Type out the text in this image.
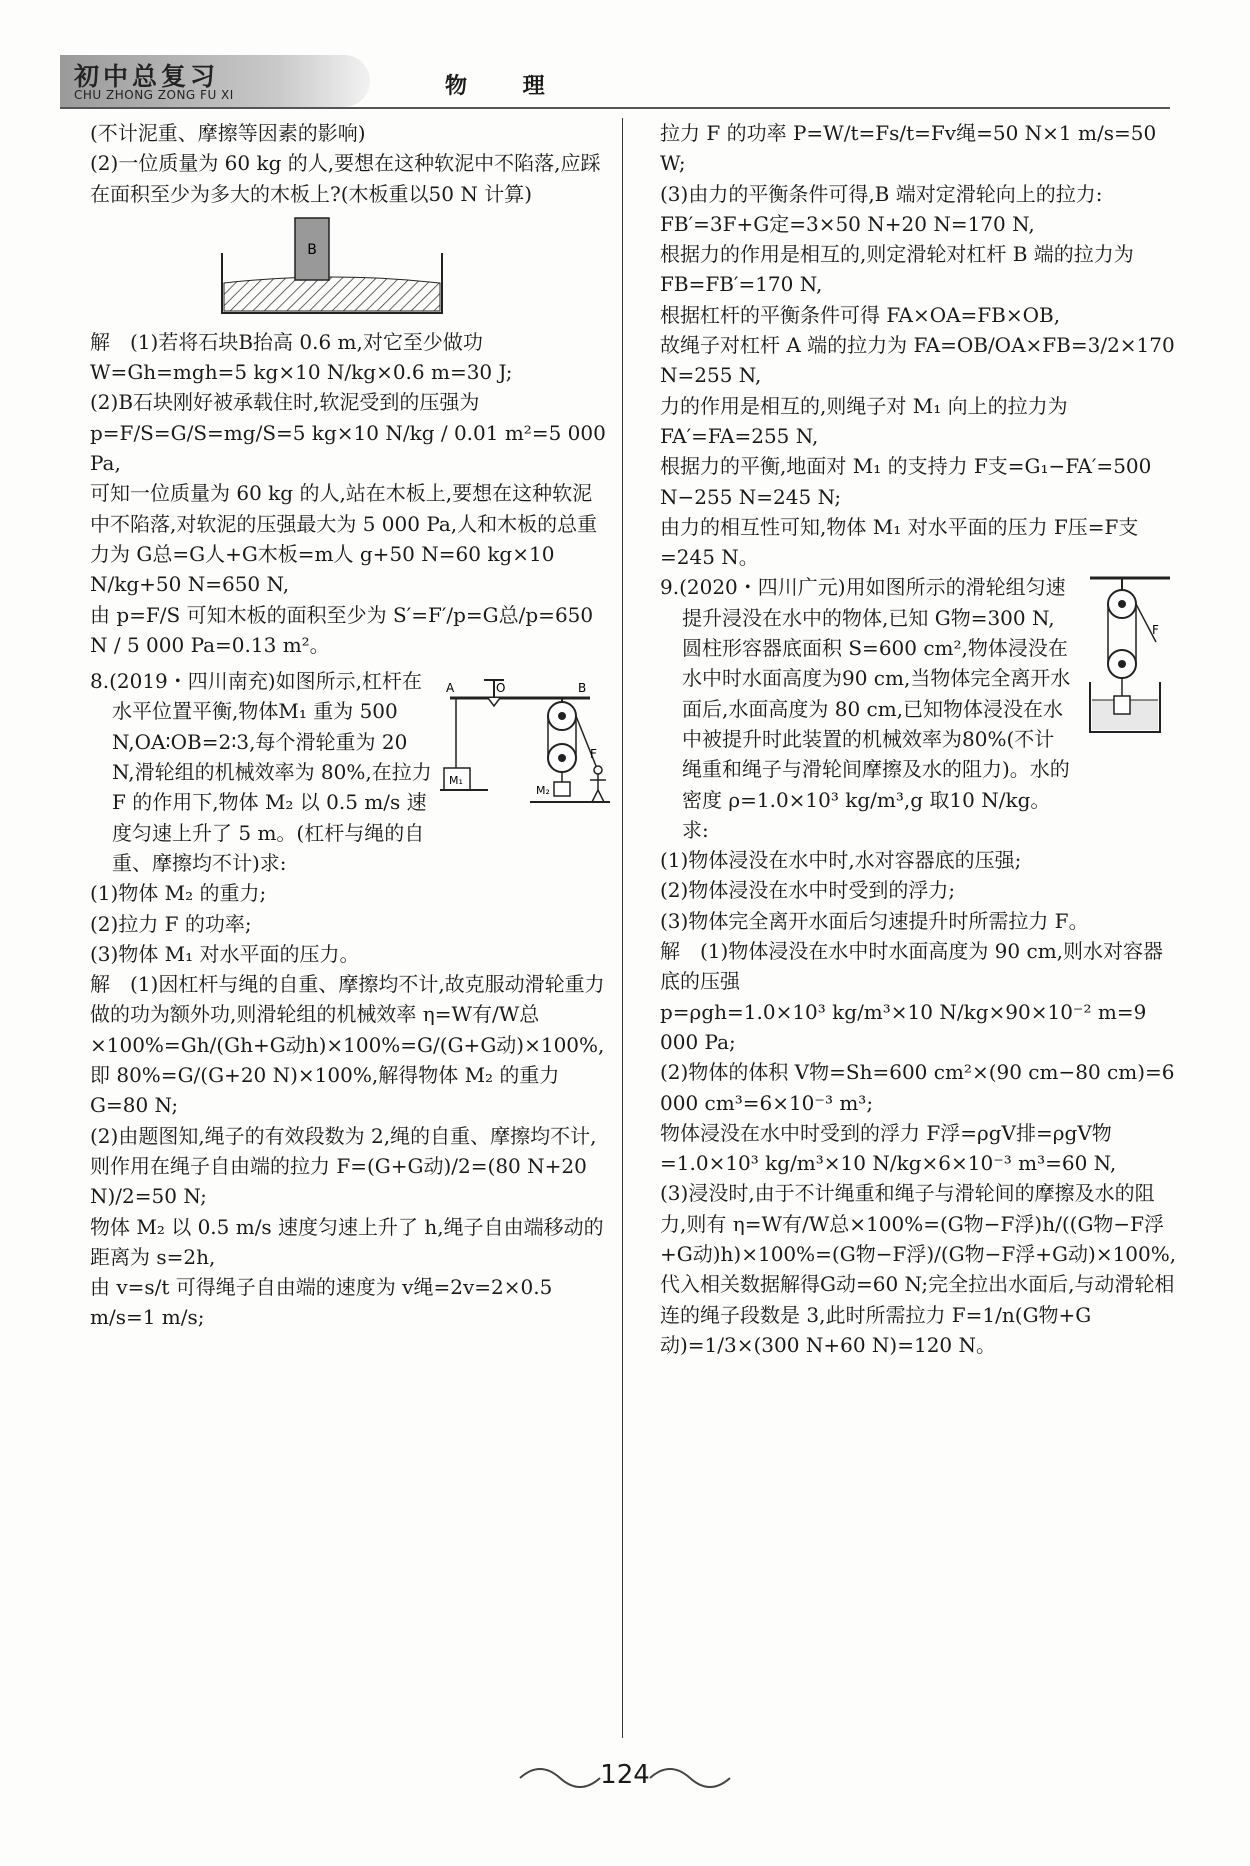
初中总复习
CHU ZHONG ZONG FU XI	物 理

(不计泥重、摩擦等因素的影响)

(2)一位质量为 60 kg 的人,要想在这种软泥中不陷落,应踩在面积至少为多大的木板上?(木板重以50 N 计算)

B

解　(1)若将石块B抬高 0.6 m,对它至少做功 W=Gh=mgh=5 kg×10 N/kg×0.6 m=30 J;

(2)B石块刚好被承载住时,软泥受到的压强为 p=F/S=G/S=mg/S=5 kg×10 N/kg / 0.01 m²=5 000 Pa,

可知一位质量为 60 kg 的人,站在木板上,要想在这种软泥中不陷落,对软泥的压强最大为 5 000 Pa,人和木板的总重力为 G总=G人+G木板=m人 g+50 N=60 kg×10 N/kg+50 N=650 N,

由 p=F/S 可知木板的面积至少为 S′=F′/p=G总/p=650 N / 5 000 Pa=0.13 m²。

8.(2019・四川南充)如图所示,杠杆在水平位置平衡,物体M₁ 重为 500 N,OA∶OB=2∶3,每个滑轮重为 20 N,滑轮组的机械效率为 80%,在拉力 F 的作用下,物体 M₂ 以 0.5 m/s 速度匀速上升了 5 m。(杠杆与绳的自重、摩擦均不计)求:

A	O	B
M₁
M₂
F

(1)物体 M₂ 的重力;

(2)拉力 F 的功率;

(3)物体 M₁ 对水平面的压力。

解　(1)因杠杆与绳的自重、摩擦均不计,故克服动滑轮重力做的功为额外功,则滑轮组的机械效率 η=W有/W总×100%=Gh/(Gh+G动h)×100%=G/(G+G动)×100%,

即 80%=G/(G+20 N)×100%,解得物体 M₂ 的重力 G=80 N;

(2)由题图知,绳子的有效段数为 2,绳的自重、摩擦均不计,则作用在绳子自由端的拉力 F=(G+G动)/2=(80 N+20 N)/2=50 N;

物体 M₂ 以 0.5 m/s 速度匀速上升了 h,绳子自由端移动的距离为 s=2h,

由 v=s/t 可得绳子自由端的速度为 v绳=2v=2×0.5 m/s=1 m/s;

拉力 F 的功率 P=W/t=Fs/t=Fv绳=50 N×1 m/s=50 W;

(3)由力的平衡条件可得,B 端对定滑轮向上的拉力:

FB′=3F+G定=3×50 N+20 N=170 N,

根据力的作用是相互的,则定滑轮对杠杆 B 端的拉力为 FB=FB′=170 N,

根据杠杆的平衡条件可得 FA×OA=FB×OB,

故绳子对杠杆 A 端的拉力为 FA=OB/OA×FB=3/2×170 N=255 N,

力的作用是相互的,则绳子对 M₁ 向上的拉力为 FA′=FA=255 N,

根据力的平衡,地面对 M₁ 的支持力 F支=G₁−FA′=500 N−255 N=245 N;

由力的相互性可知,物体 M₁ 对水平面的压力 F压=F支=245 N。

9.(2020・四川广元)用如图所示的滑轮组匀速提升浸没在水中的物体,已知 G物=300 N,圆柱形容器底面积 S=600 cm²,物体浸没在水中时水面高度为90 cm,当物体完全离开水面后,水面高度为 80 cm,已知物体浸没在水中被提升时此装置的机械效率为80%(不计绳重和绳子与滑轮间摩擦及水的阻力)。水的密度 ρ=1.0×10³ kg/m³,g 取10 N/kg。求:

F

(1)物体浸没在水中时,水对容器底的压强;

(2)物体浸没在水中时受到的浮力;

(3)物体完全离开水面后匀速提升时所需拉力 F。

解　(1)物体浸没在水中时水面高度为 90 cm,则水对容器底的压强

p=ρgh=1.0×10³ kg/m³×10 N/kg×90×10⁻² m=9 000 Pa;

(2)物体的体积 V物=Sh=600 cm²×(90 cm−80 cm)=6 000 cm³=6×10⁻³ m³;

物体浸没在水中时受到的浮力 F浮=ρgV排=ρgV物=1.0×10³ kg/m³×10 N/kg×6×10⁻³ m³=60 N,

(3)浸没时,由于不计绳重和绳子与滑轮间的摩擦及水的阻力,则有 η=W有/W总×100%=(G物−F浮)h/((G物−F浮+G动)h)×100%=(G物−F浮)/(G物−F浮+G动)×100%,代入相关数据解得G动=60 N;完全拉出水面后,与动滑轮相连的绳子段数是 3,此时所需拉力 F=1/n(G物+G动)=1/3×(300 N+60 N)=120 N。

124
